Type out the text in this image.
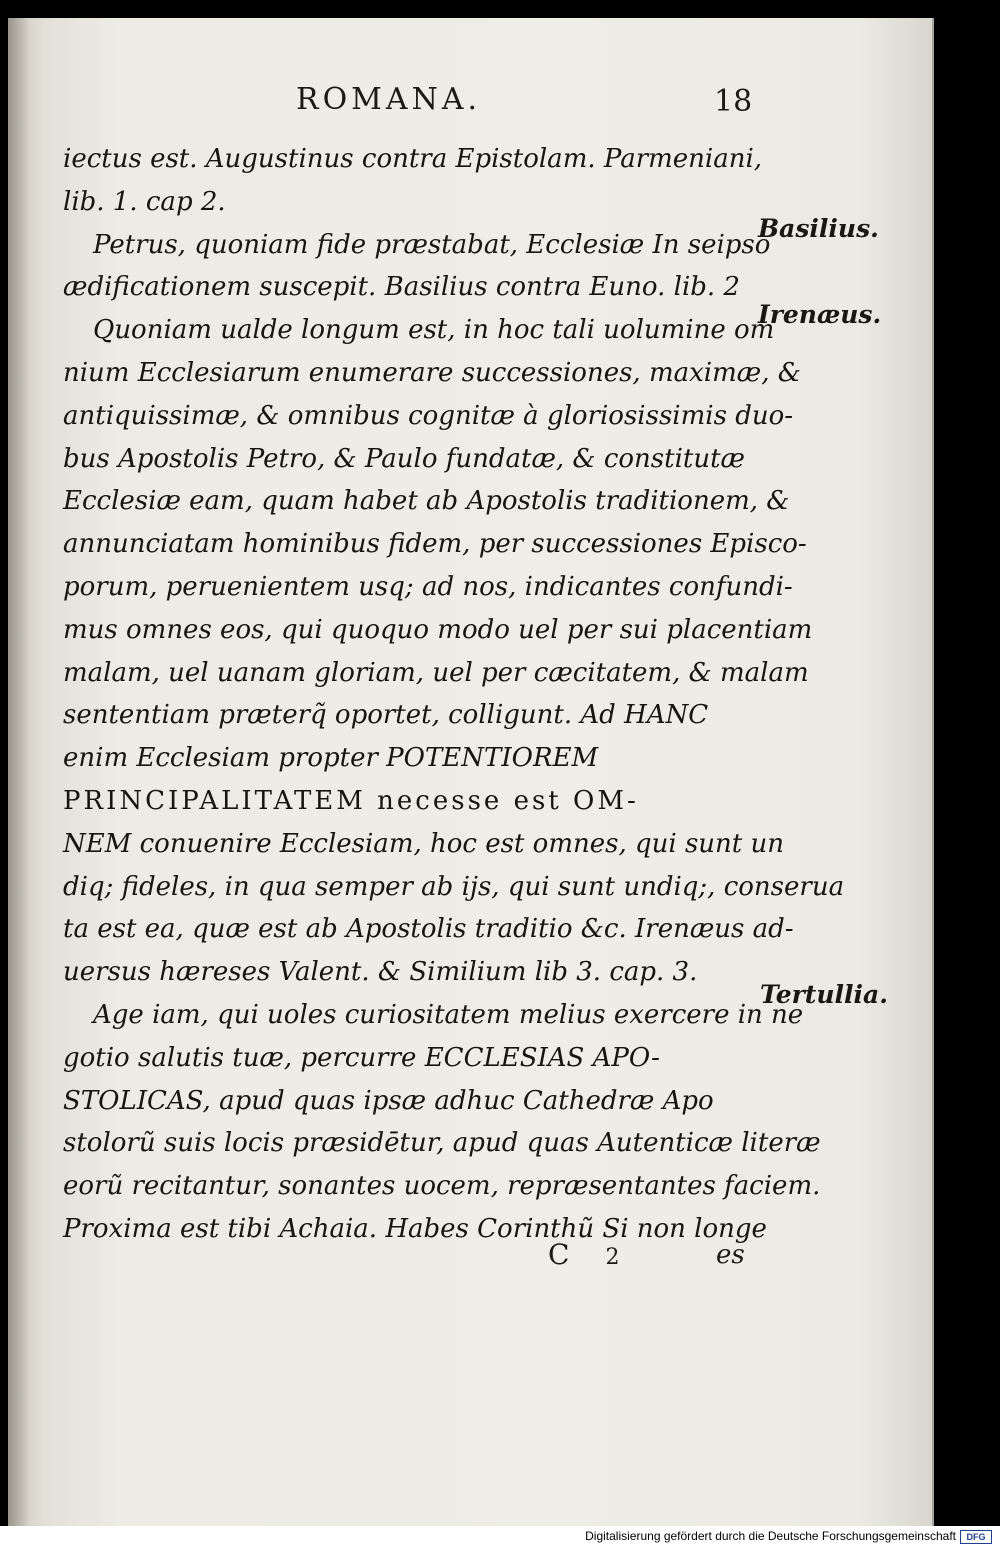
ROMANA.	18
iectus est. Augustinus contra Epistolam. Parmeniani,
lib. 1. cap 2.
Petrus, quoniam fide præstabat, Ecclesiæ In seipso
ædificationem suscepit. Basilius contra Euno. lib. 2
Quoniam ualde longum est, in hoc tali uolumine om
nium Ecclesiarum enumerare successiones, maximæ, &
antiquissimæ, & omnibus cognitæ à gloriosissimis duo-
bus Apostolis Petro, & Paulo fundatæ, & constitutæ
Ecclesiæ eam, quam habet ab Apostolis traditionem, &
annunciatam hominibus fidem, per successiones Episco-
porum, peruenientem usq; ad nos, indicantes confundi-
mus omnes eos, qui quoquo modo uel per sui placentiam
malam, uel uanam gloriam, uel per cæcitatem, & malam
sententiam præterq̃ oportet, colligunt. Ad HANC
enim Ecclesiam propter POTENTIOREM
PRINCIPALITATEM necesse est OM-
NEM conuenire Ecclesiam, hoc est omnes, qui sunt un
diq; fideles, in qua semper ab ijs, qui sunt undiq;, conserua
ta est ea, quæ est ab Apostolis traditio &c. Irenæus ad-
uersus hæreses Valent. & Similium lib 3. cap. 3.
Age iam, qui uoles curiositatem melius exercere in ne
gotio salutis tuæ, percurre ECCLESIAS APO-
STOLICAS, apud quas ipsæ adhuc Cathedræ Apo
stolorũ suis locis præsidētur, apud quas Autenticæ literæ
eorũ recitantur, sonantes uocem, repræsentantes faciem.
Proxima est tibi Achaia. Habes Corinthũ Si non longe
Basilius.
Irenæus.
Tertullia.
C 2	es
Digitalisierung gefördert durch die Deutsche Forschungsgemeinschaft	DFG
